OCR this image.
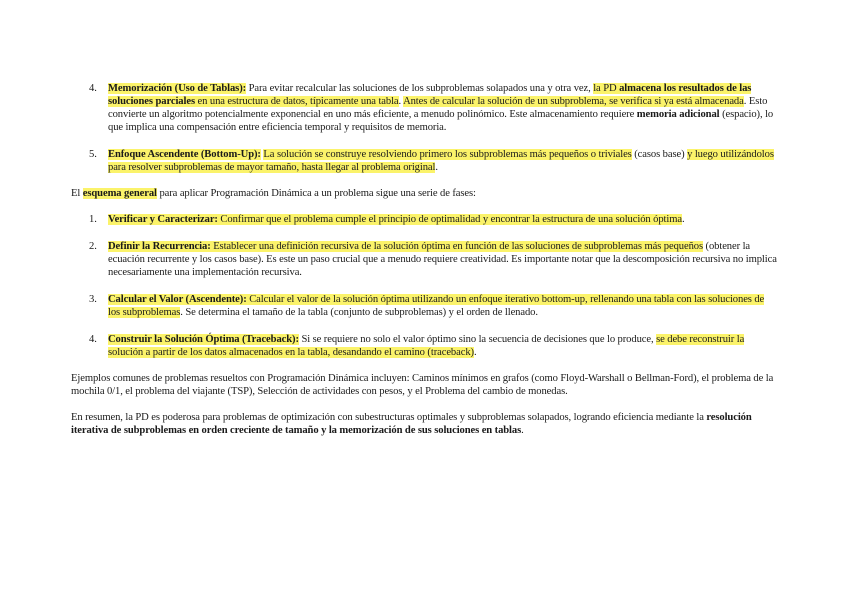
4. Memorización (Uso de Tablas): Para evitar recalcular las soluciones de los subproblemas solapados una y otra vez, la PD almacena los resultados de las soluciones parciales en una estructura de datos, típicamente una tabla. Antes de calcular la solución de un subproblema, se verifica si ya está almacenada. Esto convierte un algoritmo potencialmente exponencial en uno más eficiente, a menudo polinómico. Este almacenamiento requiere memoria adicional (espacio), lo que implica una compensación entre eficiencia temporal y requisitos de memoria.
5. Enfoque Ascendente (Bottom-Up): La solución se construye resolviendo primero los subproblemas más pequeños o triviales (casos base) y luego utilizándolos para resolver subproblemas de mayor tamaño, hasta llegar al problema original.

El esquema general para aplicar Programación Dinámica a un problema sigue una serie de fases:

1. Verificar y Caracterizar: Confirmar que el problema cumple el principio de optimalidad y encontrar la estructura de una solución óptima.
2. Definir la Recurrencia: Establecer una definición recursiva de la solución óptima en función de las soluciones de subproblemas más pequeños (obtener la ecuación recurrente y los casos base). Es este un paso crucial que a menudo requiere creatividad. Es importante notar que la descomposición recursiva no implica necesariamente una implementación recursiva.
3. Calcular el Valor (Ascendente): Calcular el valor de la solución óptima utilizando un enfoque iterativo bottom-up, rellenando una tabla con las soluciones de los subproblemas. Se determina el tamaño de la tabla (conjunto de subproblemas) y el orden de llenado.
4. Construir la Solución Óptima (Traceback): Si se requiere no solo el valor óptimo sino la secuencia de decisiones que lo produce, se debe reconstruir la solución a partir de los datos almacenados en la tabla, desandando el camino (traceback).

Ejemplos comunes de problemas resueltos con Programación Dinámica incluyen: Caminos mínimos en grafos (como Floyd-Warshall o Bellman-Ford), el problema de la mochila 0/1, el problema del viajante (TSP), Selección de actividades con pesos, y el Problema del cambio de monedas.

En resumen, la PD es poderosa para problemas de optimización con subestructuras optimales y subproblemas solapados, logrando eficiencia mediante la resolución iterativa de subproblemas en orden creciente de tamaño y la memorización de sus soluciones en tablas.
